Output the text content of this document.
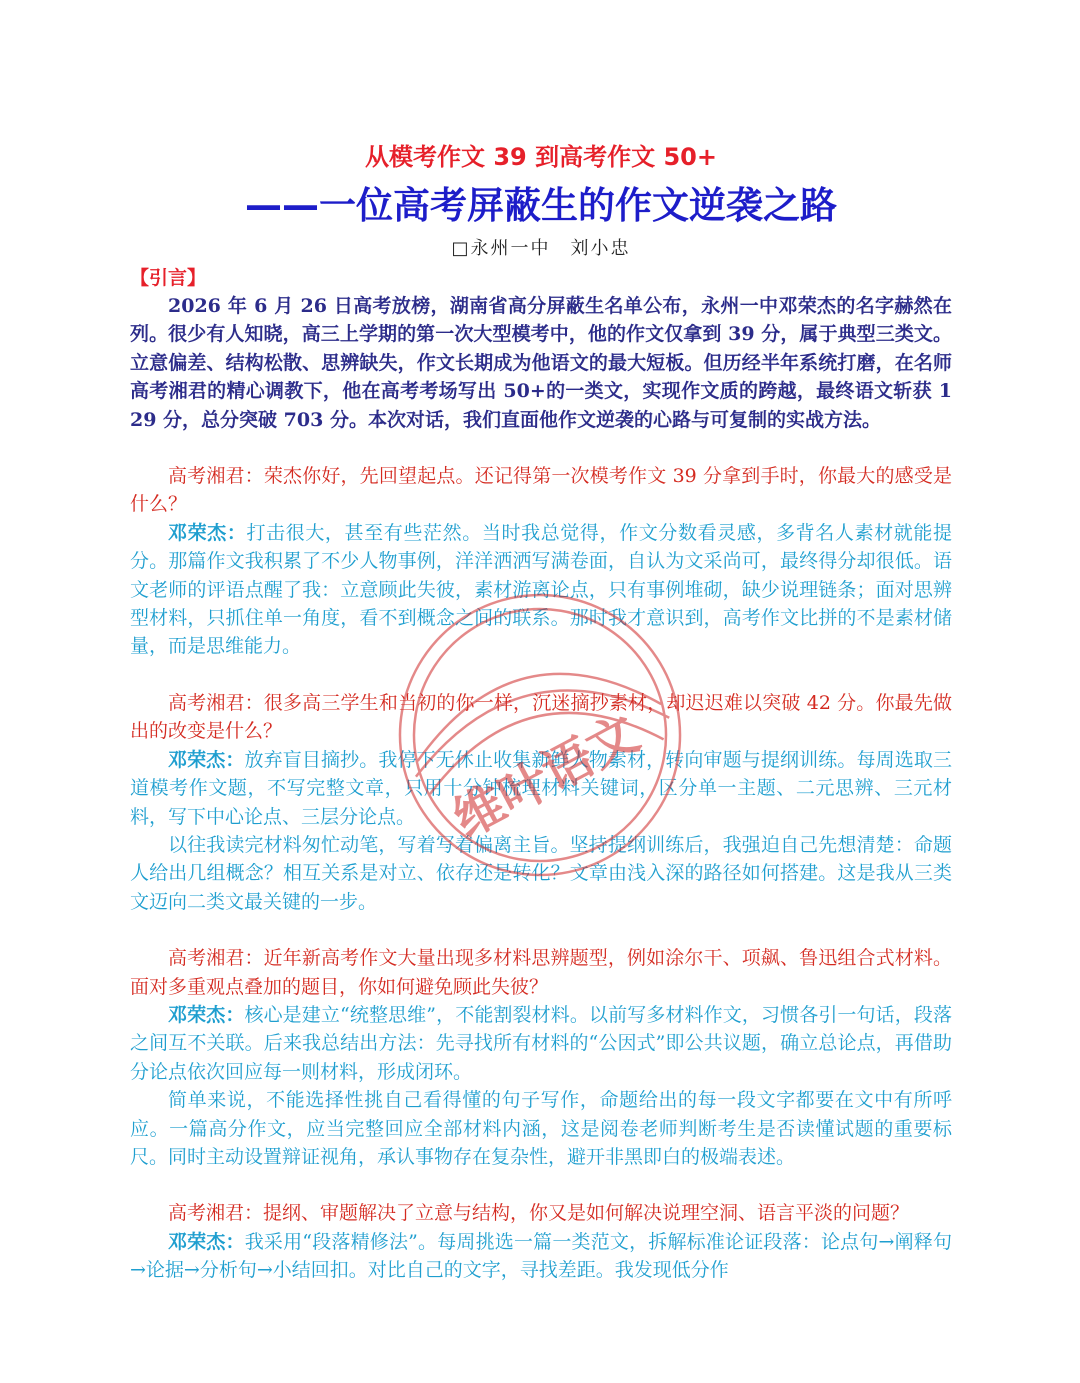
从模考作文 39 到高考作文 50+
——一位高考屏蔽生的作文逆袭之路

□永州一中　刘小忠

【引言】

2026 年 6 月 26 日高考放榜，湖南省高分屏蔽生名单公布，永州一中邓荣杰的名字赫然在列。很少有人知晓，高三上学期的第一次大型模考中，他的作文仅拿到 39 分，属于典型三类文。立意偏差、结构松散、思辨缺失，作文长期成为他语文的最大短板。但历经半年系统打磨，在名师高考湘君的精心调教下，他在高考考场写出 50+的一类文，实现作文质的跨越，最终语文斩获 129 分，总分突破 703 分。本次对话，我们直面他作文逆袭的心路与可复制的实战方法。

高考湘君：荣杰你好，先回望起点。还记得第一次模考作文 39 分拿到手时，你最大的感受是什么？

邓荣杰：打击很大，甚至有些茫然。当时我总觉得，作文分数看灵感，多背名人素材就能提分。那篇作文我积累了不少人物事例，洋洋洒洒写满卷面，自认为文采尚可，最终得分却很低。语文老师的评语点醒了我：立意顾此失彼，素材游离论点，只有事例堆砌，缺少说理链条；面对思辨型材料，只抓住单一角度，看不到概念之间的联系。那时我才意识到，高考作文比拼的不是素材储量，而是思维能力。

高考湘君：很多高三学生和当初的你一样，沉迷摘抄素材，却迟迟难以突破 42 分。你最先做出的改变是什么？

邓荣杰：放弃盲目摘抄。我停下无休止收集新鲜人物素材，转向审题与提纲训练。每周选取三道模考作文题，不写完整文章，只用十分钟梳理材料关键词，区分单一主题、二元思辨、三元材料，写下中心论点、三层分论点。

以往我读完材料匆忙动笔，写着写着偏离主旨。坚持提纲训练后，我强迫自己先想清楚：命题人给出几组概念？相互关系是对立、依存还是转化？文章由浅入深的路径如何搭建。这是我从三类文迈向二类文最关键的一步。

高考湘君：近年新高考作文大量出现多材料思辨题型，例如涂尔干、项飙、鲁迅组合式材料。面对多重观点叠加的题目，你如何避免顾此失彼？

邓荣杰：核心是建立“统整思维”，不能割裂材料。以前写多材料作文，习惯各引一句话，段落之间互不关联。后来我总结出方法：先寻找所有材料的“公因式”即公共议题，确立总论点，再借助分论点依次回应每一则材料，形成闭环。

简单来说，不能选择性挑自己看得懂的句子写作，命题给出的每一段文字都要在文中有所呼应。一篇高分作文，应当完整回应全部材料内涵，这是阅卷老师判断考生是否读懂试题的重要标尺。同时主动设置辩证视角，承认事物存在复杂性，避开非黑即白的极端表述。

高考湘君：提纲、审题解决了立意与结构，你又是如何解决说理空洞、语言平淡的问题？

邓荣杰：我采用“段落精修法”。每周挑选一篇一类范文，拆解标准论证段落：论点句→阐释句→论据→分析句→小结回扣。对比自己的文字，寻找差距。我发现低分作

维叶语文
